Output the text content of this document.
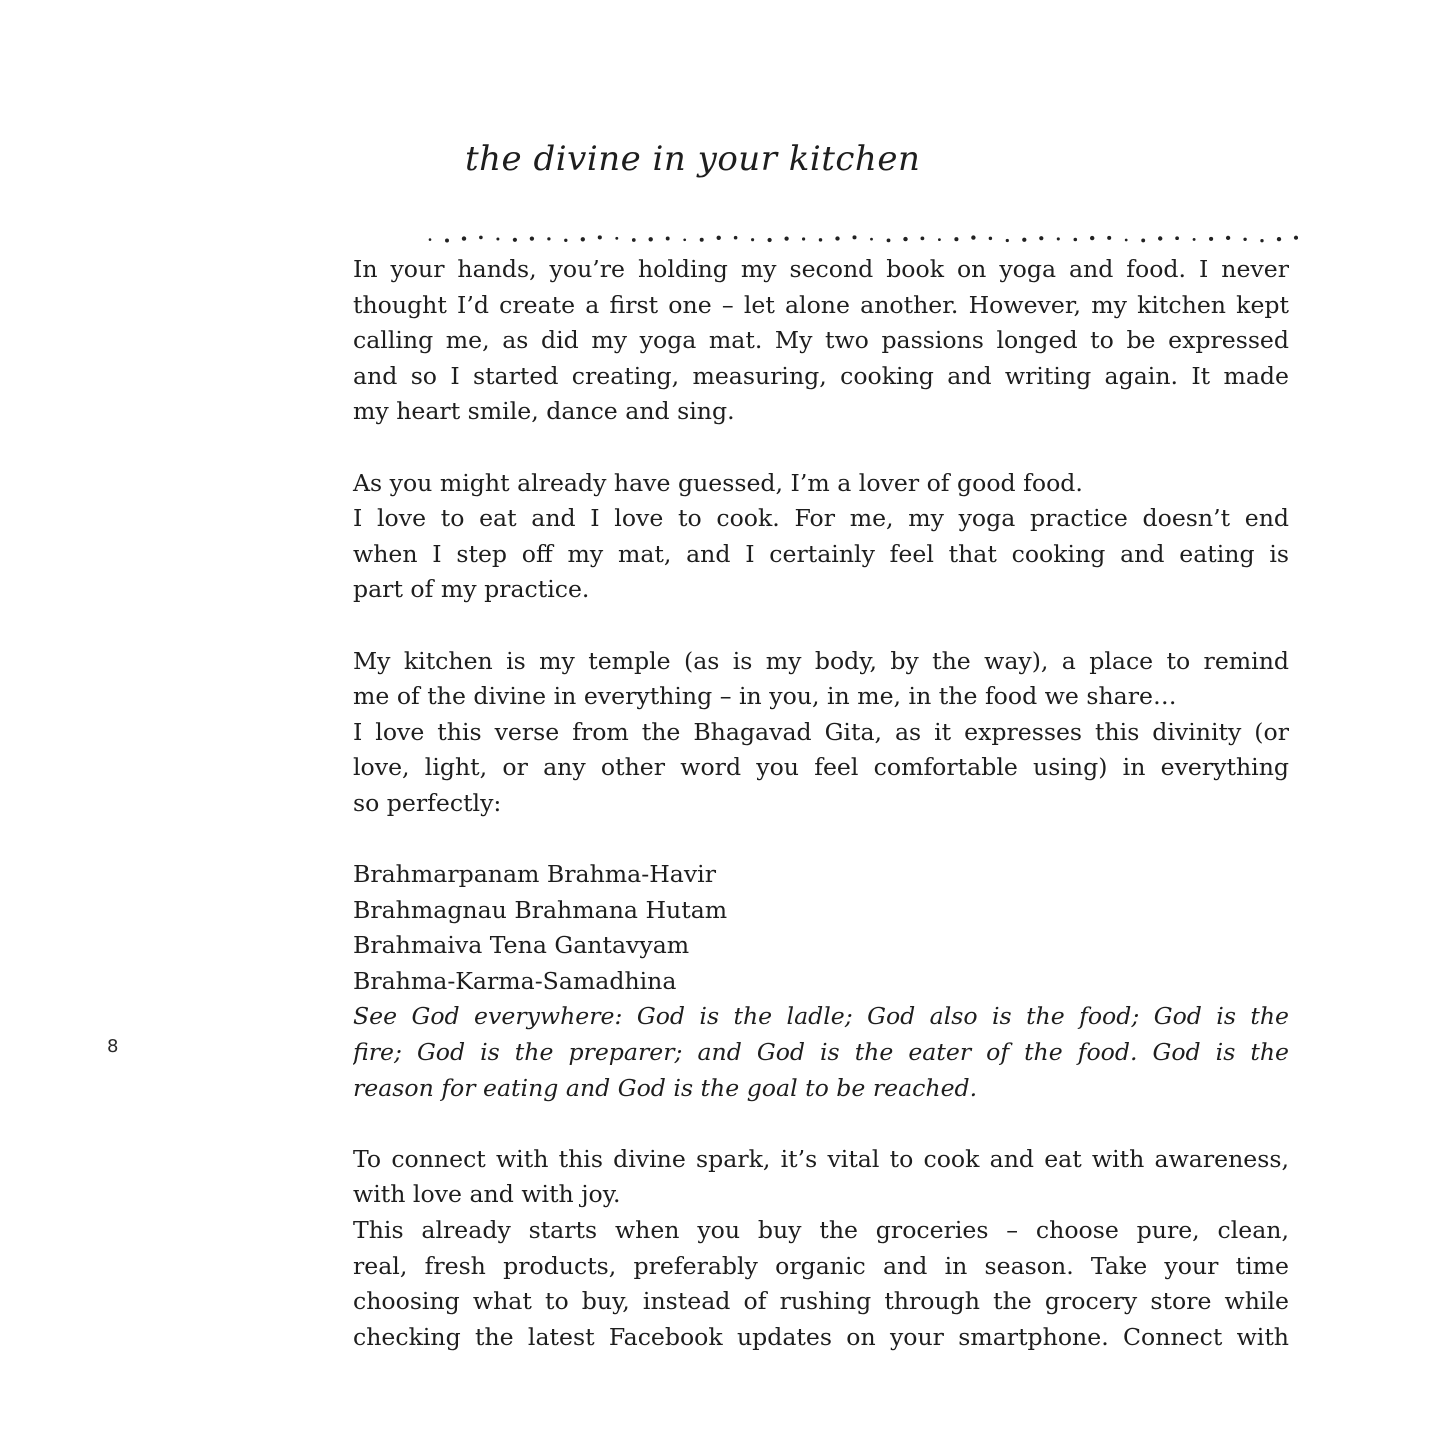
the divine in your kitchen
In your hands, you’re holding my second book on yoga and food. I never
thought I’d create a first one – let alone another. However, my kitchen kept
calling me, as did my yoga mat. My two passions longed to be expressed
and so I started creating, measuring, cooking and writing again. It made
my heart smile, dance and sing.
As you might already have guessed, I’m a lover of good food.
I love to eat and I love to cook. For me, my yoga practice doesn’t end
when I step off my mat, and I certainly feel that cooking and eating is
part of my practice.
My kitchen is my temple (as is my body, by the way), a place to remind
me of the divine in everything – in you, in me, in the food we share…
I love this verse from the Bhagavad Gita, as it expresses this divinity (or
love, light, or any other word you feel comfortable using) in everything
so perfectly:
Brahmarpanam Brahma-Havir
Brahmagnau Brahmana Hutam
Brahmaiva Tena Gantavyam
Brahma-Karma-Samadhina
See God everywhere: God is the ladle; God also is the food; God is the
fire; God is the preparer; and God is the eater of the food. God is the
reason for eating and God is the goal to be reached.
To connect with this divine spark, it’s vital to cook and eat with awareness,
with love and with joy.
This already starts when you buy the groceries – choose pure, clean,
real, fresh products, preferably organic and in season. Take your time
choosing what to buy, instead of rushing through the grocery store while
checking the latest Facebook updates on your smartphone. Connect with
8
